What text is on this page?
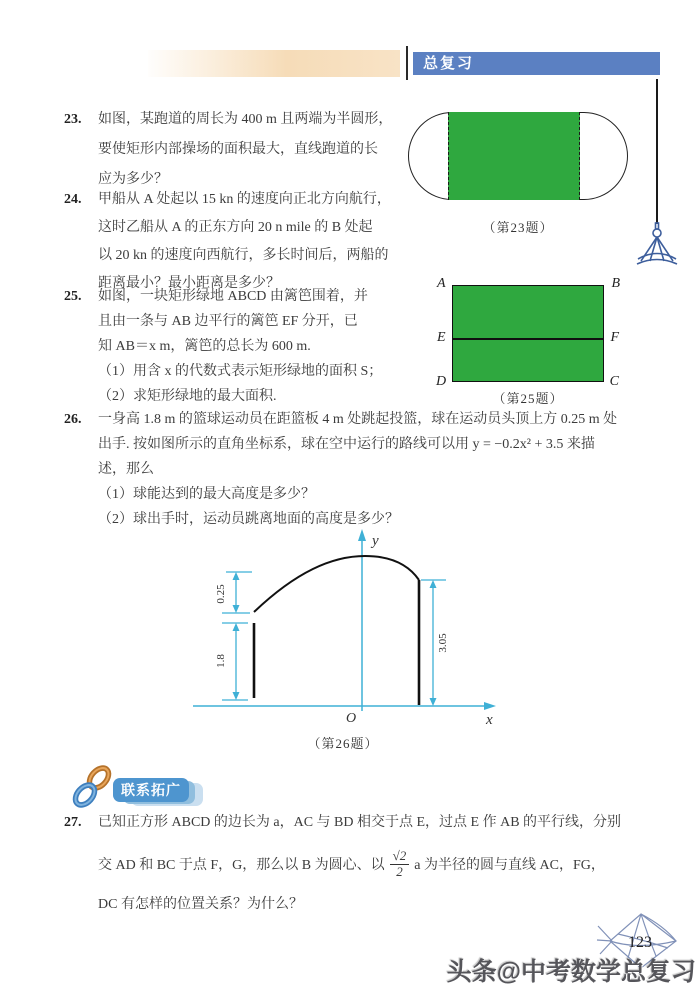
总复习
23. 如图，某跑道的周长为 400 m 且两端为半圆形，
要使矩形内部操场的面积最大，直线跑道的长
应为多少？
24. 甲船从 A 处起以 15 kn 的速度向正北方向航行，
这时乙船从 A 的正东方向 20 n mile 的 B 处起
以 20 kn 的速度向西航行，多长时间后，两船的
距离最小？最小距离是多少？
25. 如图，一块矩形绿地 ABCD 由篱笆围着，并
且由一条与 AB 边平行的篱笆 EF 分开，已
知 AB＝x m，篱笆的总长为 600 m.
（1）用含 x 的代数式表示矩形绿地的面积 S；
（2）求矩形绿地的最大面积.
26. 一身高 1.8 m 的篮球运动员在距篮板 4 m 处跳起投篮，球在运动员头顶上方 0.25 m 处
出手. 按如图所示的直角坐标系，球在空中运行的路线可以用 y = −0.2x² + 3.5 来描
述，那么
（1）球能达到的最大高度是多少？
（2）球出手时，运动员跳离地面的高度是多少？
（第23题）
A	B
E	F
D	C
（第25题）
0.25
1.8
3.05
y
x
O
（第26题）
联系拓广
27. 已知正方形 ABCD 的边长为 a，AC 与 BD 相交于点 E，过点 E 作 AB 的平行线，分别
交 AD 和 BC 于点 F，G，那么以 B 为圆心、以 $\frac{√2}{2}$ a 为半径的圆与直线 AC，FG，
DC 有怎样的位置关系？为什么？
123
头条@中考数学总复习
